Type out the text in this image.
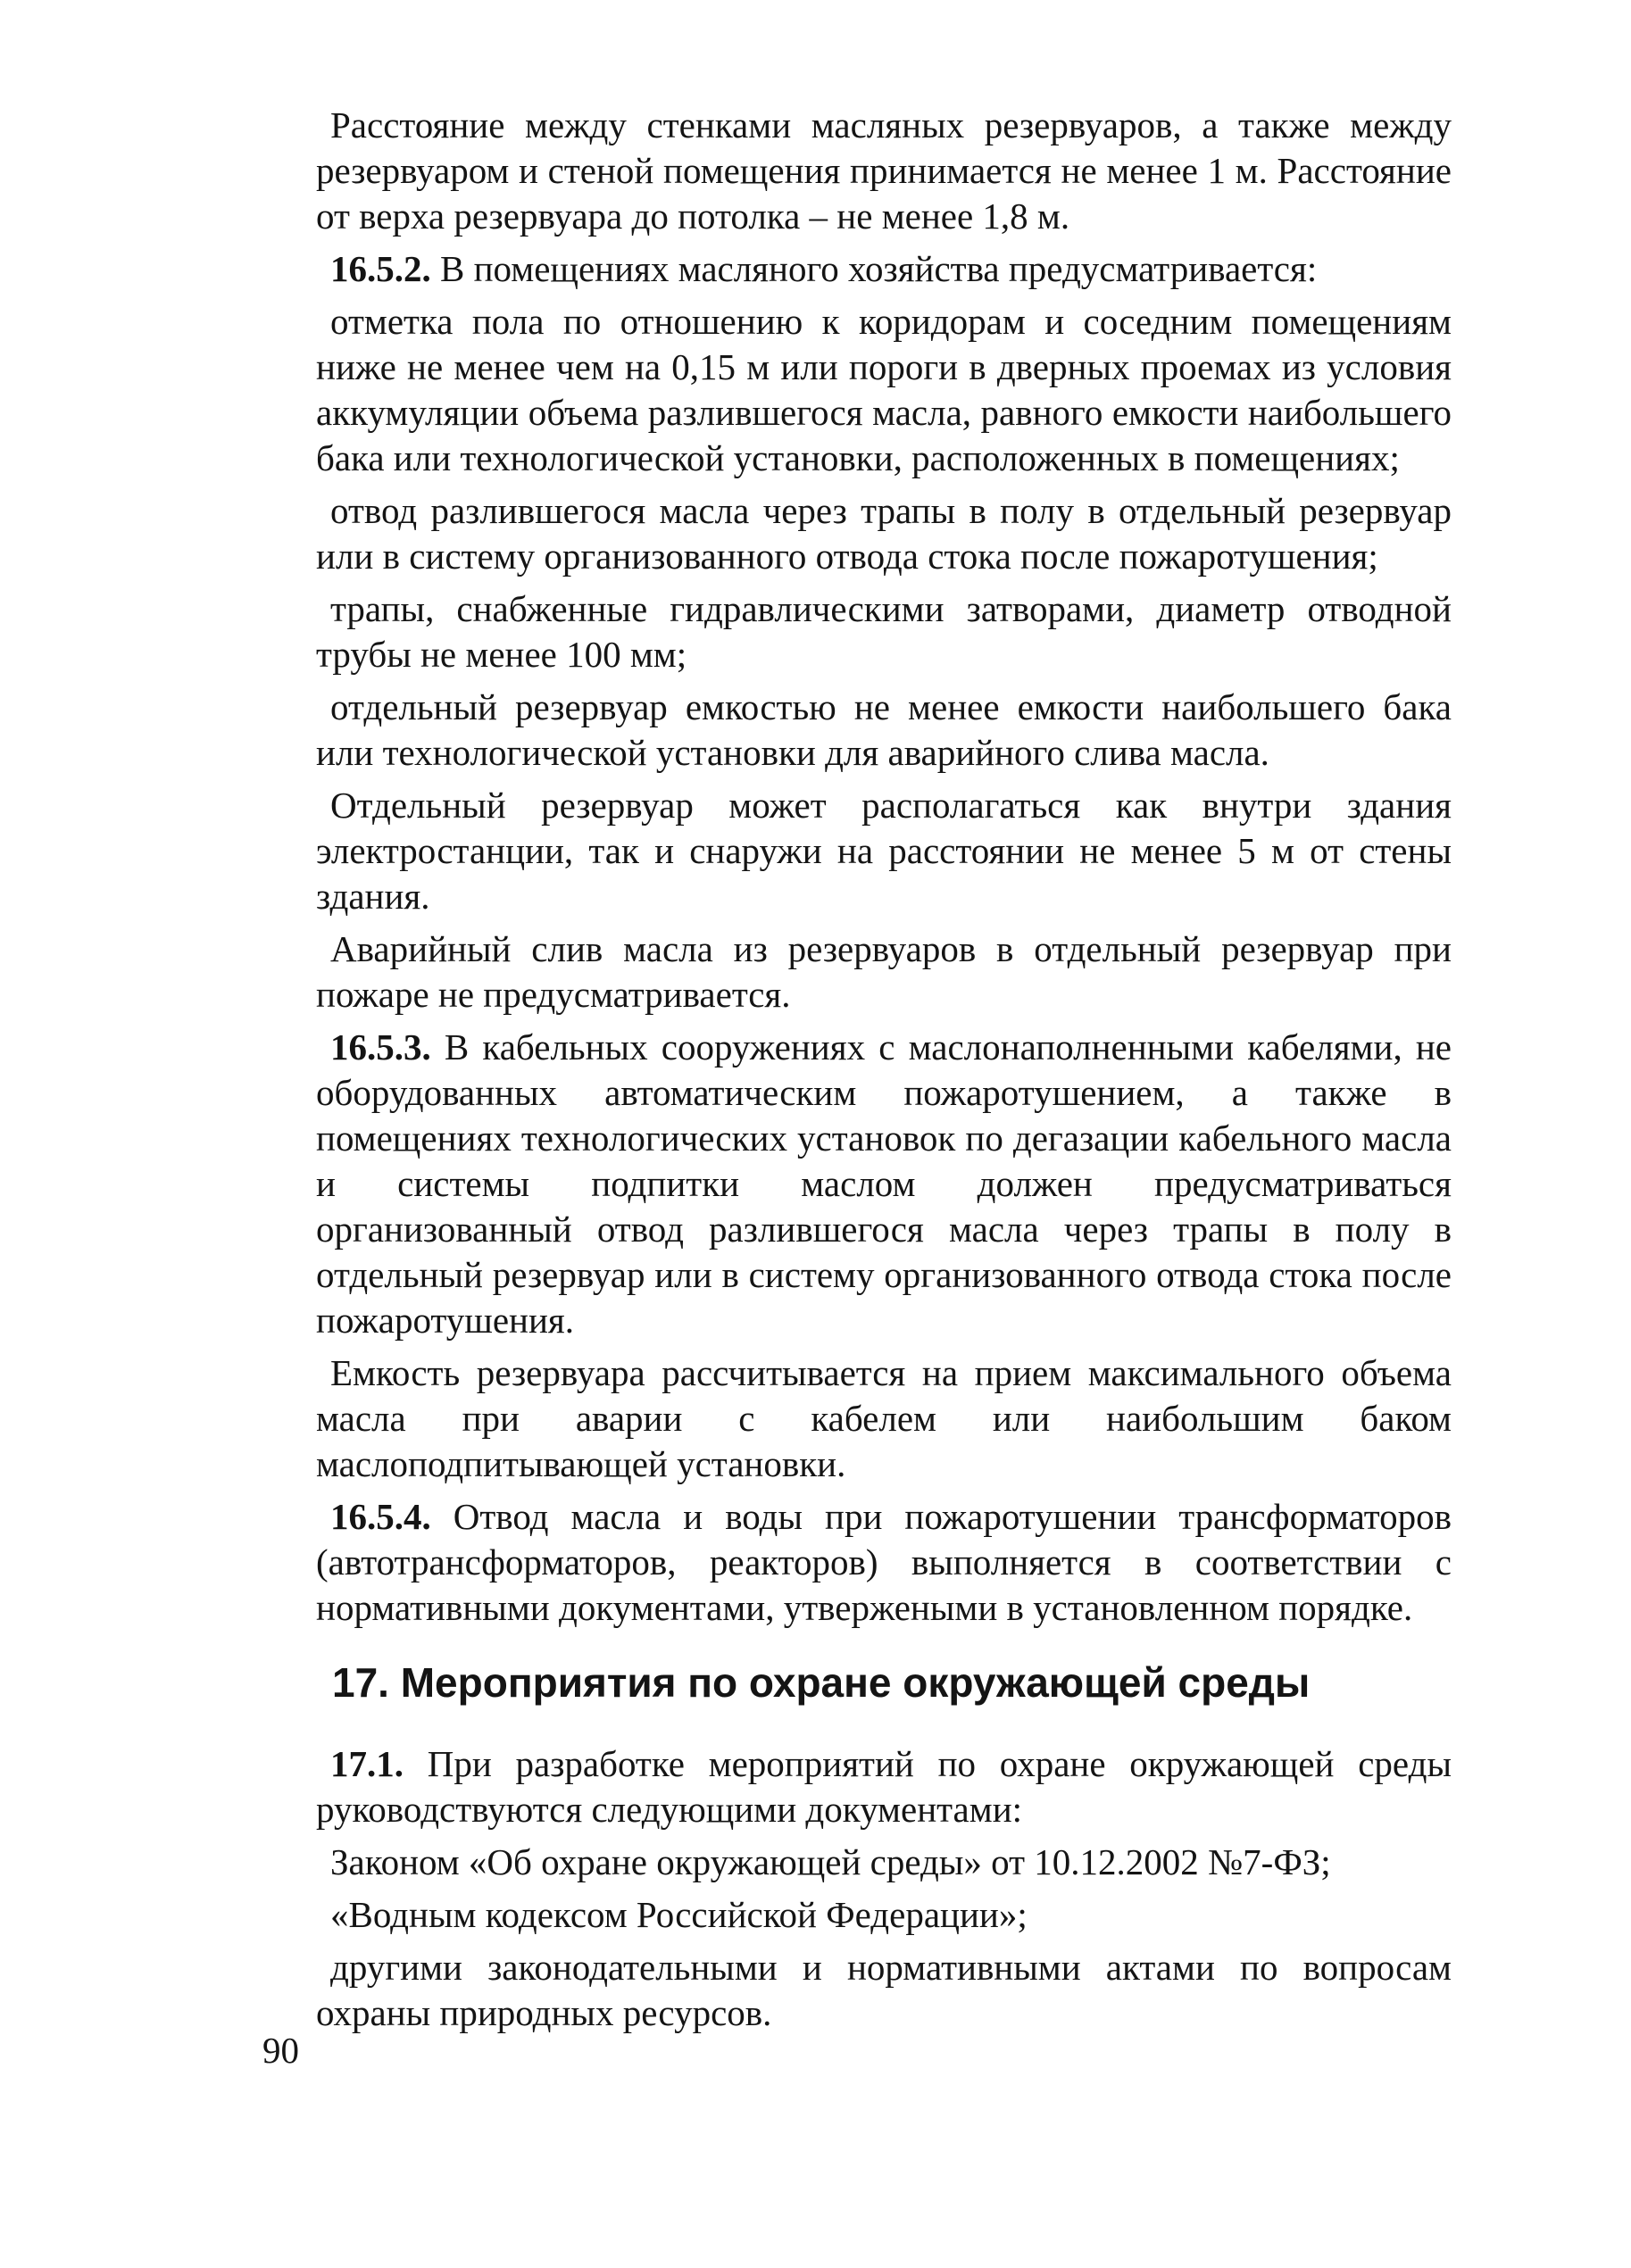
Расстояние между стенками масляных резервуаров, а также между резервуаром и стеной помещения принимается не менее 1 м. Расстояние от верха резервуара до потолка – не менее 1,8 м.

16.5.2. В помещениях масляного хозяйства предусматривается:

отметка пола по отношению к коридорам и соседним помещениям ниже не менее чем на 0,15 м или пороги в дверных проемах из условия аккумуляции объема разлившегося масла, равного емкости наибольшего бака или технологической установки, расположенных в помещениях;

отвод разлившегося масла через трапы в полу в отдельный резервуар или в систему организованного отвода стока после пожаротушения;

трапы, снабженные гидравлическими затворами, диаметр отводной трубы не менее 100 мм;

отдельный резервуар емкостью не менее емкости наибольшего бака или технологической установки для аварийного слива масла.

Отдельный резервуар может располагаться как внутри здания электростанции, так и снаружи на расстоянии не менее 5 м от стены здания.

Аварийный слив масла из резервуаров в отдельный резервуар при пожаре не предусматривается.

16.5.3. В кабельных сооружениях с маслонаполненными кабелями, не оборудованных автоматическим пожаротушением, а также в помещениях технологических установок по дегазации кабельного масла и системы подпитки маслом должен предусматриваться организованный отвод разлившегося масла через трапы в полу в отдельный резервуар или в систему организованного отвода стока после пожаротушения.

Емкость резервуара рассчитывается на прием максимального объема масла при аварии с кабелем или наибольшим баком маслоподпитывающей установки.

16.5.4. Отвод масла и воды при пожаротушении трансформаторов (автотрансформаторов, реакторов) выполняется в соответствии с нормативными документами, утвержеными в установленном порядке.

17. Мероприятия по охране окружающей среды

17.1. При разработке мероприятий по охране окружающей среды руководствуются следующими документами:

Законом «Об охране окружающей среды» от 10.12.2002 №7-ФЗ;

«Водным кодексом Российской Федерации»;

другими законодательными и нормативными актами по вопросам охраны природных ресурсов.

90
